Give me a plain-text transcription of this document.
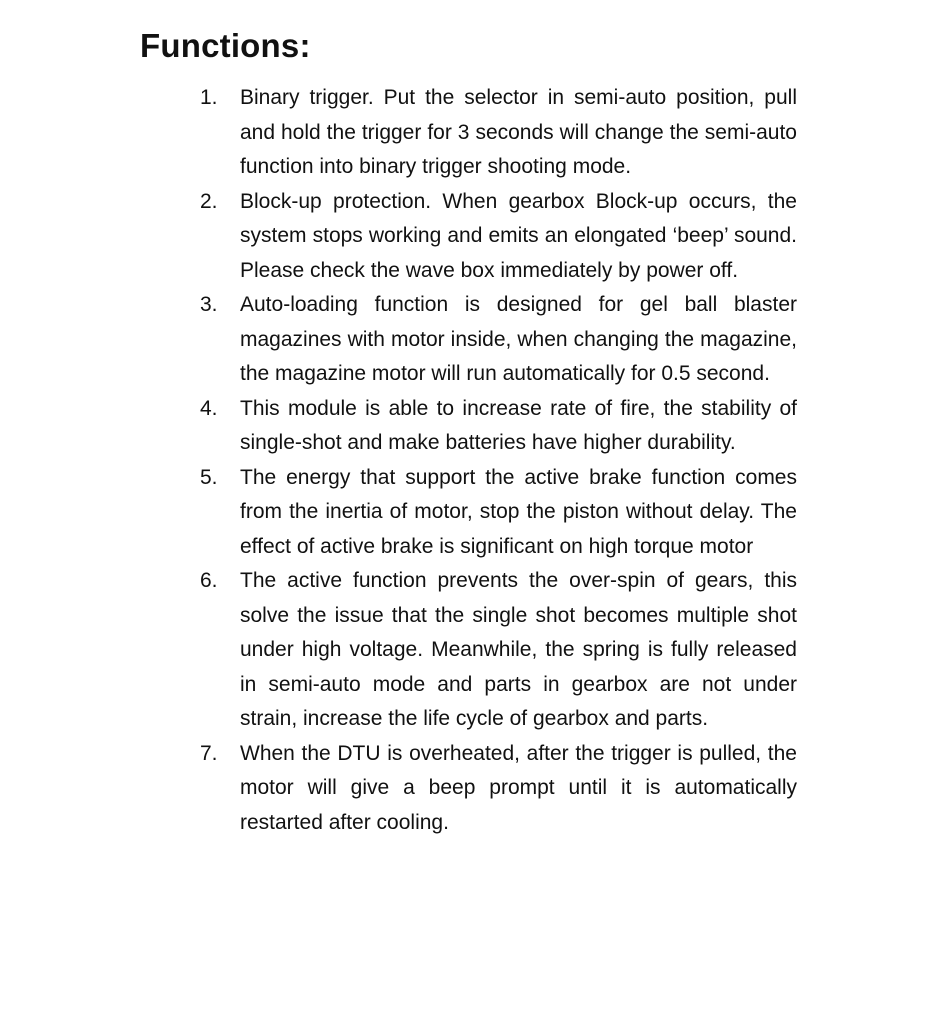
Functions:
1. Binary trigger. Put the selector in semi-auto position, pull and hold the trigger for 3 seconds will change the semi-auto function into binary trigger shooting mode.
2. Block-up protection. When gearbox Block-up occurs, the system stops working and emits an elongated ‘beep’ sound. Please check the wave box immediately by power off.
3. Auto-loading function is designed for gel ball blaster magazines with motor inside, when changing the magazine, the magazine motor will run automatically for 0.5 second.
4. This module is able to increase rate of fire, the stability of single-shot and make batteries have higher durability.
5. The energy that support the active brake function comes from the inertia of motor, stop the piston without delay. The effect of active brake is significant on high torque motor
6. The active function prevents the over-spin of gears, this solve the issue that the single shot becomes multiple shot under high voltage. Meanwhile, the spring is fully released in semi-auto mode and parts in gearbox are not under strain, increase the life cycle of gearbox and parts.
7. When the DTU is overheated, after the trigger is pulled, the motor will give a beep prompt until it is automatically restarted after cooling.
